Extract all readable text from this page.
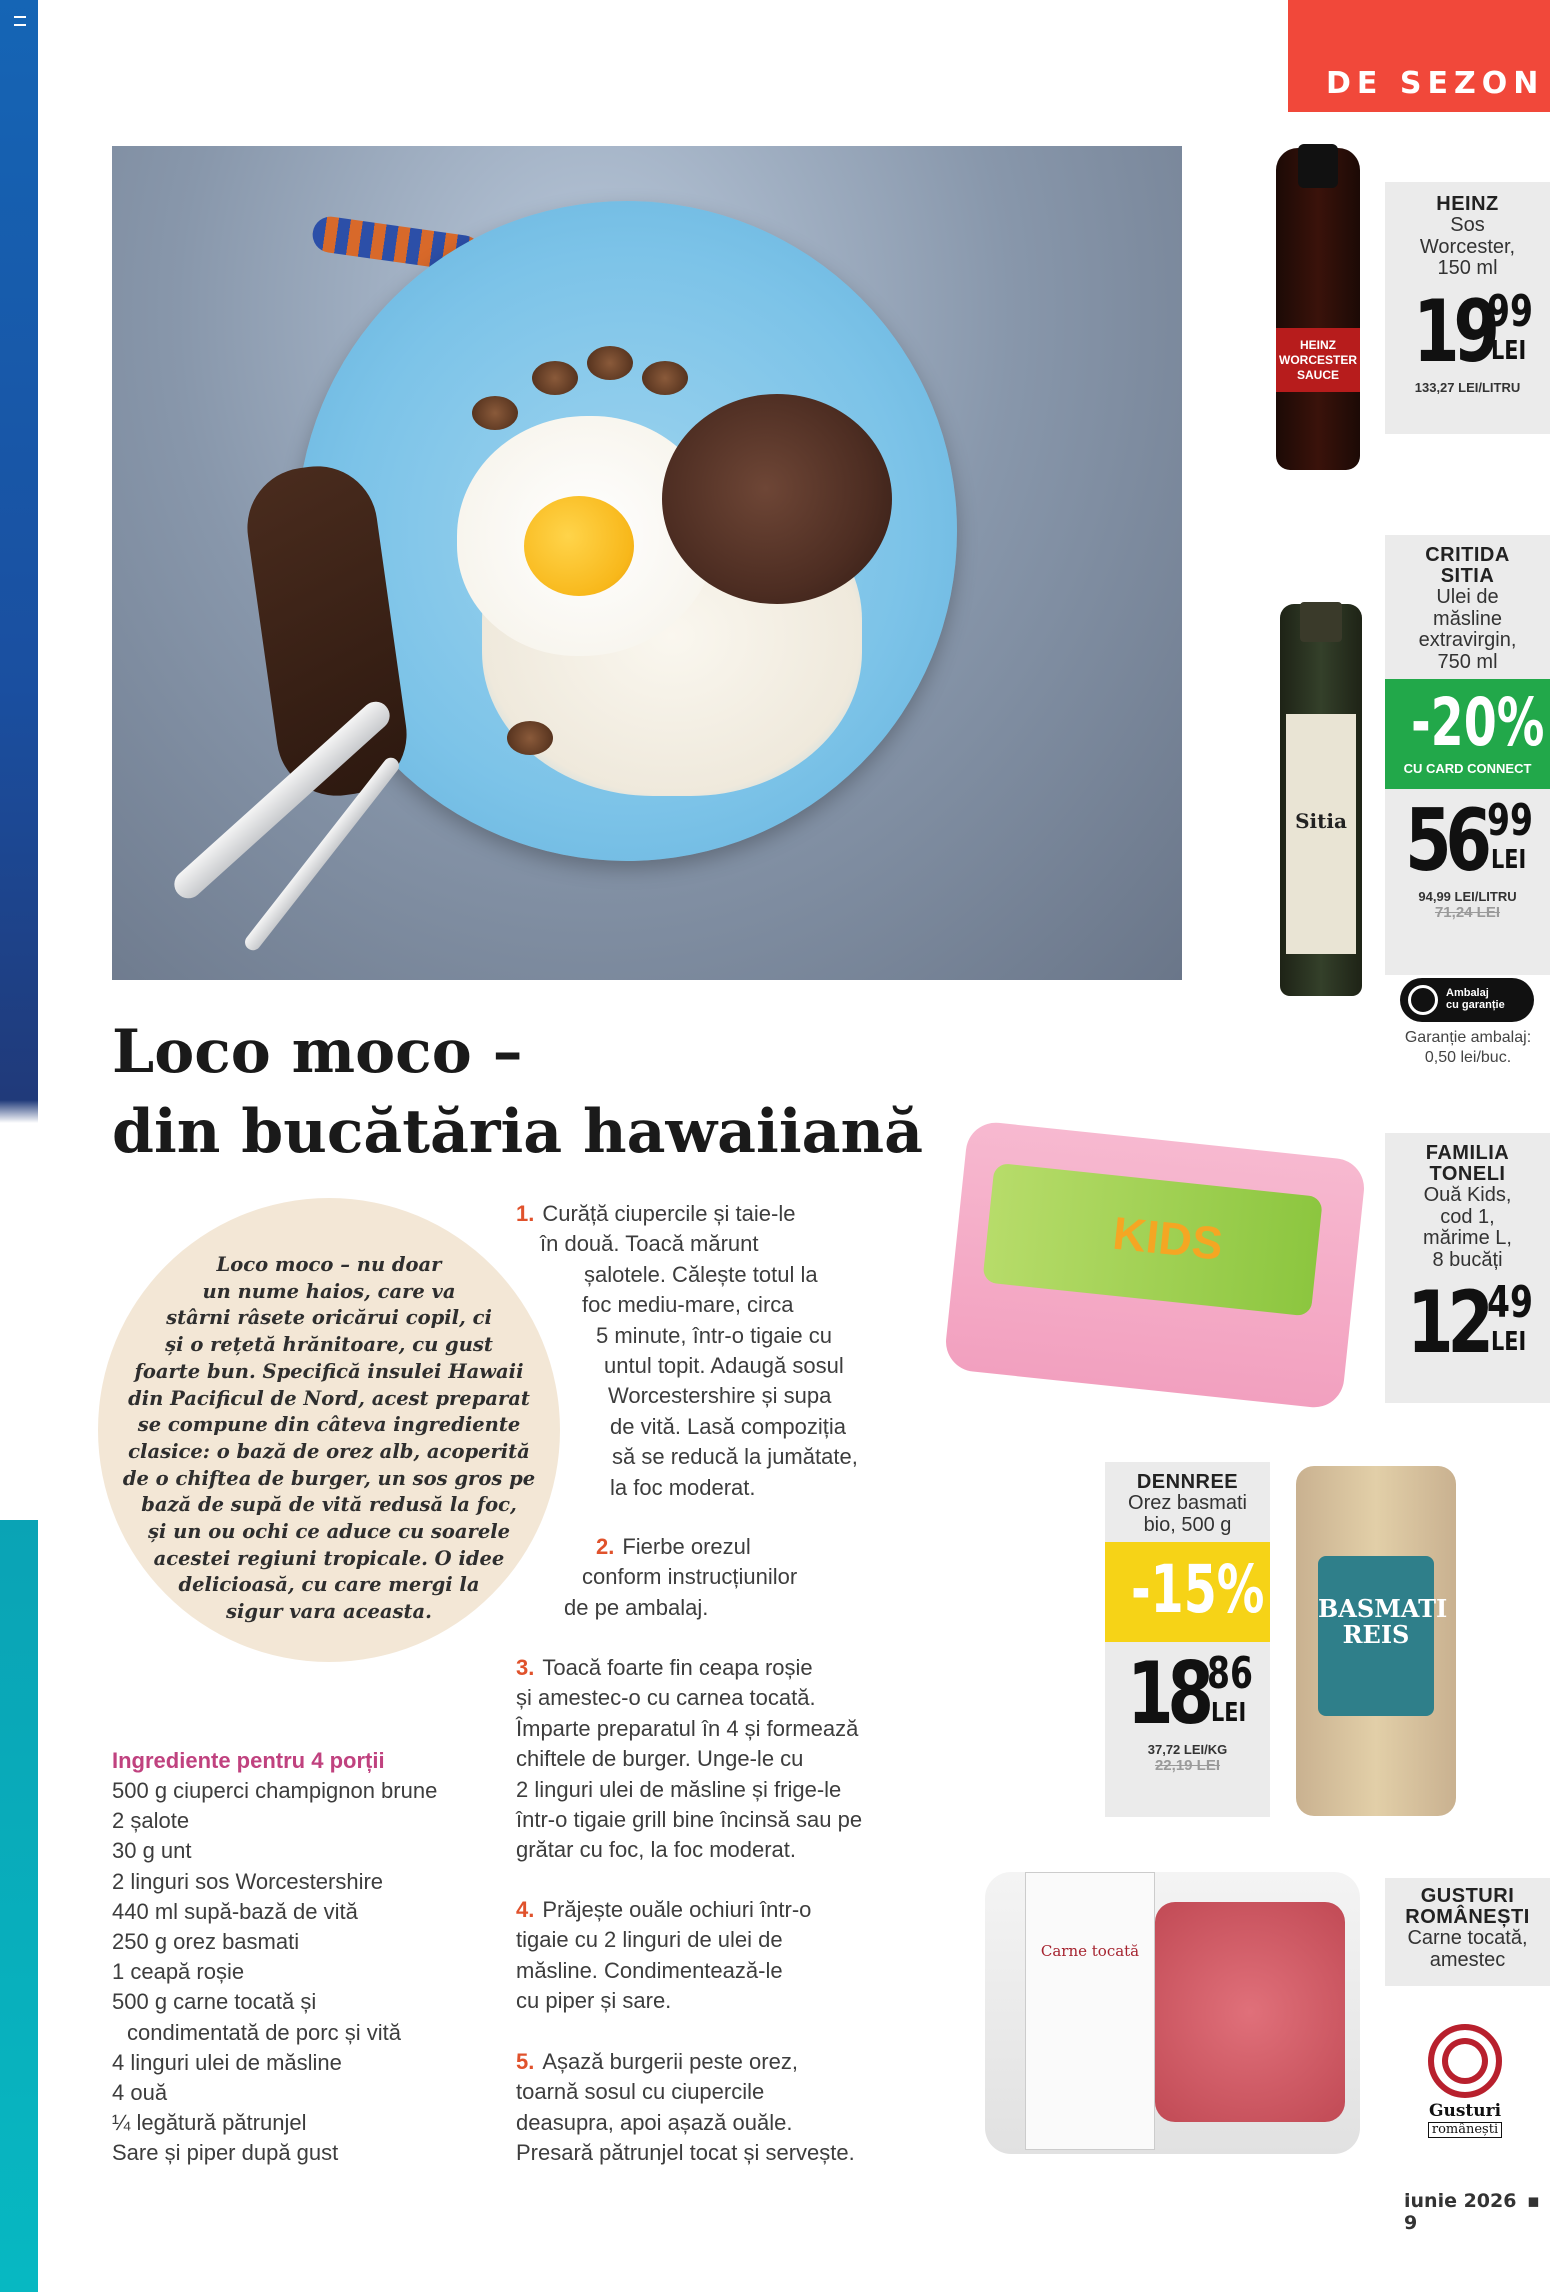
DE SEZON
Loco moco –
din bucătăria hawaiiană
Loco moco – nu doar
un nume haios, care va
stârni râsete oricărui copil, ci
și o rețetă hrănitoare, cu gust
foarte bun. Specifică insulei Hawaii
din Pacificul de Nord, acest preparat
se compune din câteva ingrediente
clasice: o bază de orez alb, acoperită
de o chiftea de burger, un sos gros pe
bază de supă de vită redusă la foc,
și un ou ochi ce aduce cu soarele
acestei regiuni tropicale. O idee
delicioasă, cu care mergi la
sigur vara aceasta.
Ingrediente pentru 4 porții
500 g ciuperci champignon brune
2 șalote
30 g unt
2 linguri sos Worcestershire
440 ml supă-bază de vită
250 g orez basmati
1 ceapă roșie
500 g carne tocată și
condimentată de porc și vită
4 linguri ulei de măsline
4 ouă
¼ legătură pătrunjel
Sare și piper după gust
1. Curăță ciupercile și taie-le
în două. Toacă mărunt
șalotele. Călește totul la
foc mediu-mare, circa
5 minute, într-o tigaie cu
untul topit. Adaugă sosul
Worcestershire și supa
de vită. Lasă compoziția
să se reducă la jumătate,
la foc moderat.
2. Fierbe orezul
conform instrucțiunilor
de pe ambalaj.
3. Toacă foarte fin ceapa roșie
și amestec-o cu carnea tocată.
Împarte preparatul în 4 și formează
chiftele de burger. Unge-le cu
2 linguri ulei de măsline și frige-le
într-o tigaie grill bine încinsă sau pe
grătar cu foc, la foc moderat.
4. Prăjește ouăle ochiuri într-o
tigaie cu 2 linguri de ulei de
măsline. Condimentează-le
cu piper și sare.
5. Așază burgerii peste orez,
toarnă sosul cu ciupercile
deasupra, apoi așază ouăle.
Presară pătrunjel tocat și servește.
HEINZ
WORCESTER
SAUCE
HEINZ
Sos
Worcester,
150 ml
19
99
LEI
133,27 LEI/LITRU
Sitia
CRITIDA
SITIA
Ulei de
măsline
extravirgin,
750 ml
-20%
CU CARD CONNECT
56 99
LEI
94,99 LEI/LITRU
71,24 LEI
Ambalaj
cu garanție
Garanție ambalaj:
0,50 lei/buc.
KIDS
FAMILIA
TONELI
Ouă Kids,
cod 1,
mărime L,
8 bucăți
12 49
LEI
DENNREE
Orez basmati
bio, 500 g
-15%
18 86
LEI
37,72 LEI/KG
22,19 LEI
BASMATI
REIS
Carne tocată
GUSTURI
ROMÂNEȘTI
Carne tocată,
amestec
Gusturi
românești
iunie 2026 ▪ 9
